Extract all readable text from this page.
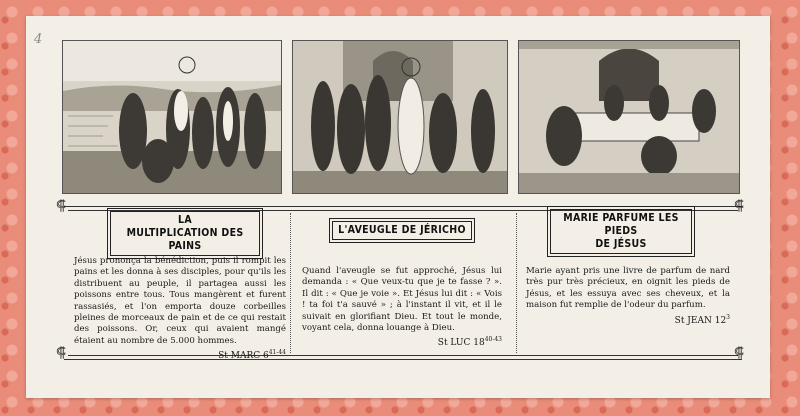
4
⸿
⸿
⸿
⸿
LA
MULTIPLICATION DES PAINS
Jésus prononça la bénédiction, puis il rompit les pains et les donna à ses disciples, pour qu'ils les distribuent au peuple, il partagea aussi les poissons entre tous. Tous mangèrent et furent rassasiés, et l'on emporta douze corbeilles pleines de morceaux de pain et de ce qui restait des poissons. Or, ceux qui avaient mangé étaient au nombre de 5.000 hommes.
St MARC 6$^{41-44}$
L'AVEUGLE DE JÉRICHO
Quand l'aveugle se fut approché, Jésus lui demanda : « Que veux-tu que je te fasse ? ». Il dit : « Que je voie ». Et Jésus lui dit : « Vois ! ta foi t'a sauvé » ; à l'instant il vit, et il le suivait en glorifiant Dieu. Et tout le monde, voyant cela, donna louange à Dieu.
St LUC 18$^{40-43}$
MARIE PARFUME LES PIEDS
DE JÉSUS
Marie ayant pris une livre de parfum de nard très pur très précieux, en oignit les pieds de Jésus, et les essuya avec ses cheveux, et la maison fut remplie de l'odeur du parfum.
St JEAN $12^3$
